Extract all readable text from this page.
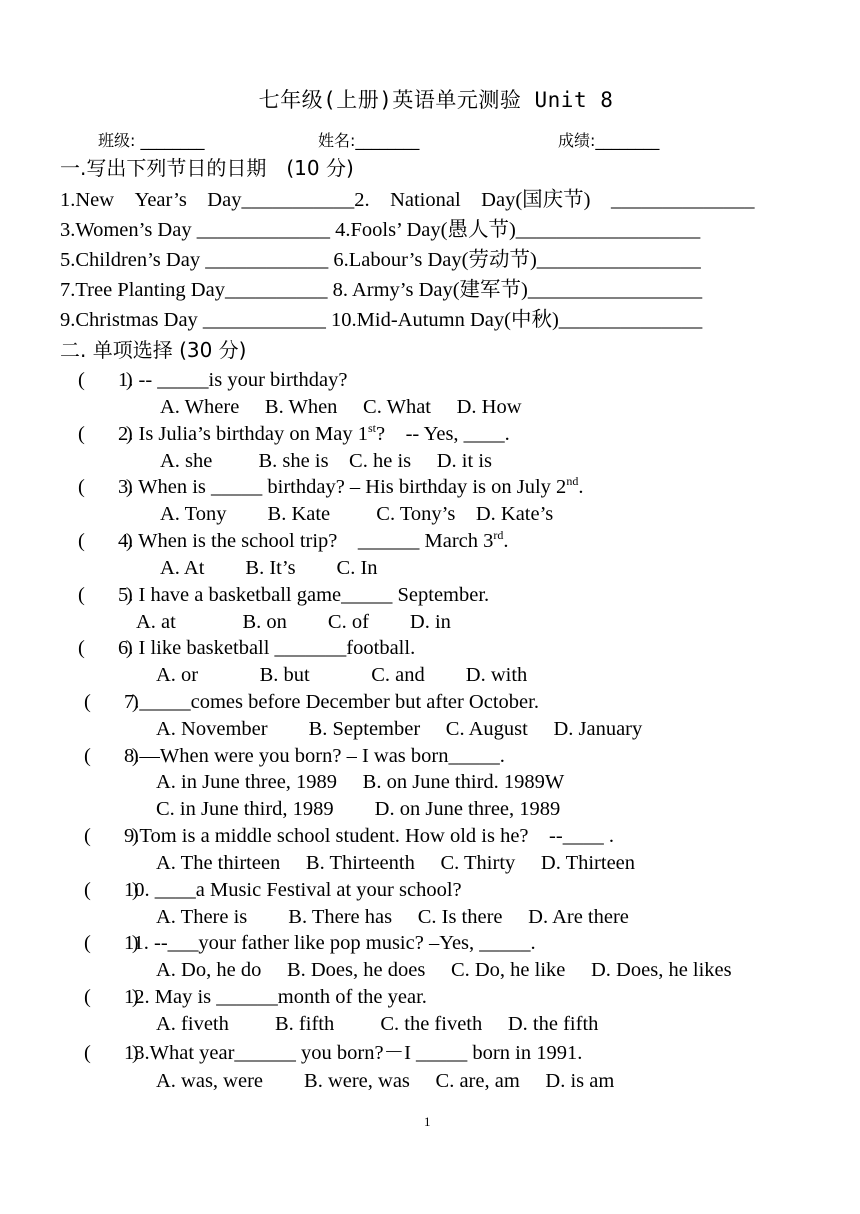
七年级(上册)英语单元测验 Unit 8
班级: ________	姓名:________	成绩:________
一.写出下列节日的日期　(10 分)
1.New　Year’s　Day___________2.　National　Day(国庆节)　______________
3.Women’s Day _____________ 4.Fools’ Day(愚人节)__________________
5.Children’s Day ____________ 6.Labour’s Day(劳动节)________________
7.Tree Planting Day__________ 8. Army’s Day(建军节)_________________
9.Christmas Day ____________ 10.Mid-Autumn Day(中秋)______________
二. 单项选择 (30 分)
(　　)1. -- _____is your birthday?
A. Where　 B. When　 C. What　 D. How
(　　)2. Is Julia’s birthday on May 1st?　-- Yes, ____.
A. she　　 B. she is　C. he is　 D. it is
(　　)3. When is _____ birthday? – His birthday is on July 2nd.
A. Tony　　B. Kate　　 C. Tony’s　D. Kate’s
(　　)4. When is the school trip?　______ March 3rd.
A. At　　B. It’s　　C. In
(　　)5. I have a basketball game_____ September.
A. at　　　 B. on　　C. of　　D. in
(　　)6. I like basketball _______football.
A. or　　　B. but　　　C. and　　D. with
(　　)7._____comes before December but after October.
A. November　　B. September　 C. August　 D. January
(　　)8.—When were you born? – I was born_____.
A. in June three, 1989　 B. on June third. 1989W
C. in June third, 1989　　D. on June three, 1989
(　　)9.Tom is a middle school student. How old is he?　--____ .
A. The thirteen　 B. Thirteenth　 C. Thirty　 D. Thirteen
(　　)10. ____a Music Festival at your school?
A. There is　　B. There has　 C. Is there　 D. Are there
(　　)11. --___your father like pop music? –Yes, _____.
A. Do, he do　 B. Does, he does　 C. Do, he like　 D. Does, he likes
(　　)12. May is ______month of the year.
A. fiveth　　 B. fifth　　 C. the fiveth　 D. the fifth
(　　)13.What year______ you born?－I _____ born in 1991.
A. was, were　　B. were, was　 C. are, am　 D. is am
1
